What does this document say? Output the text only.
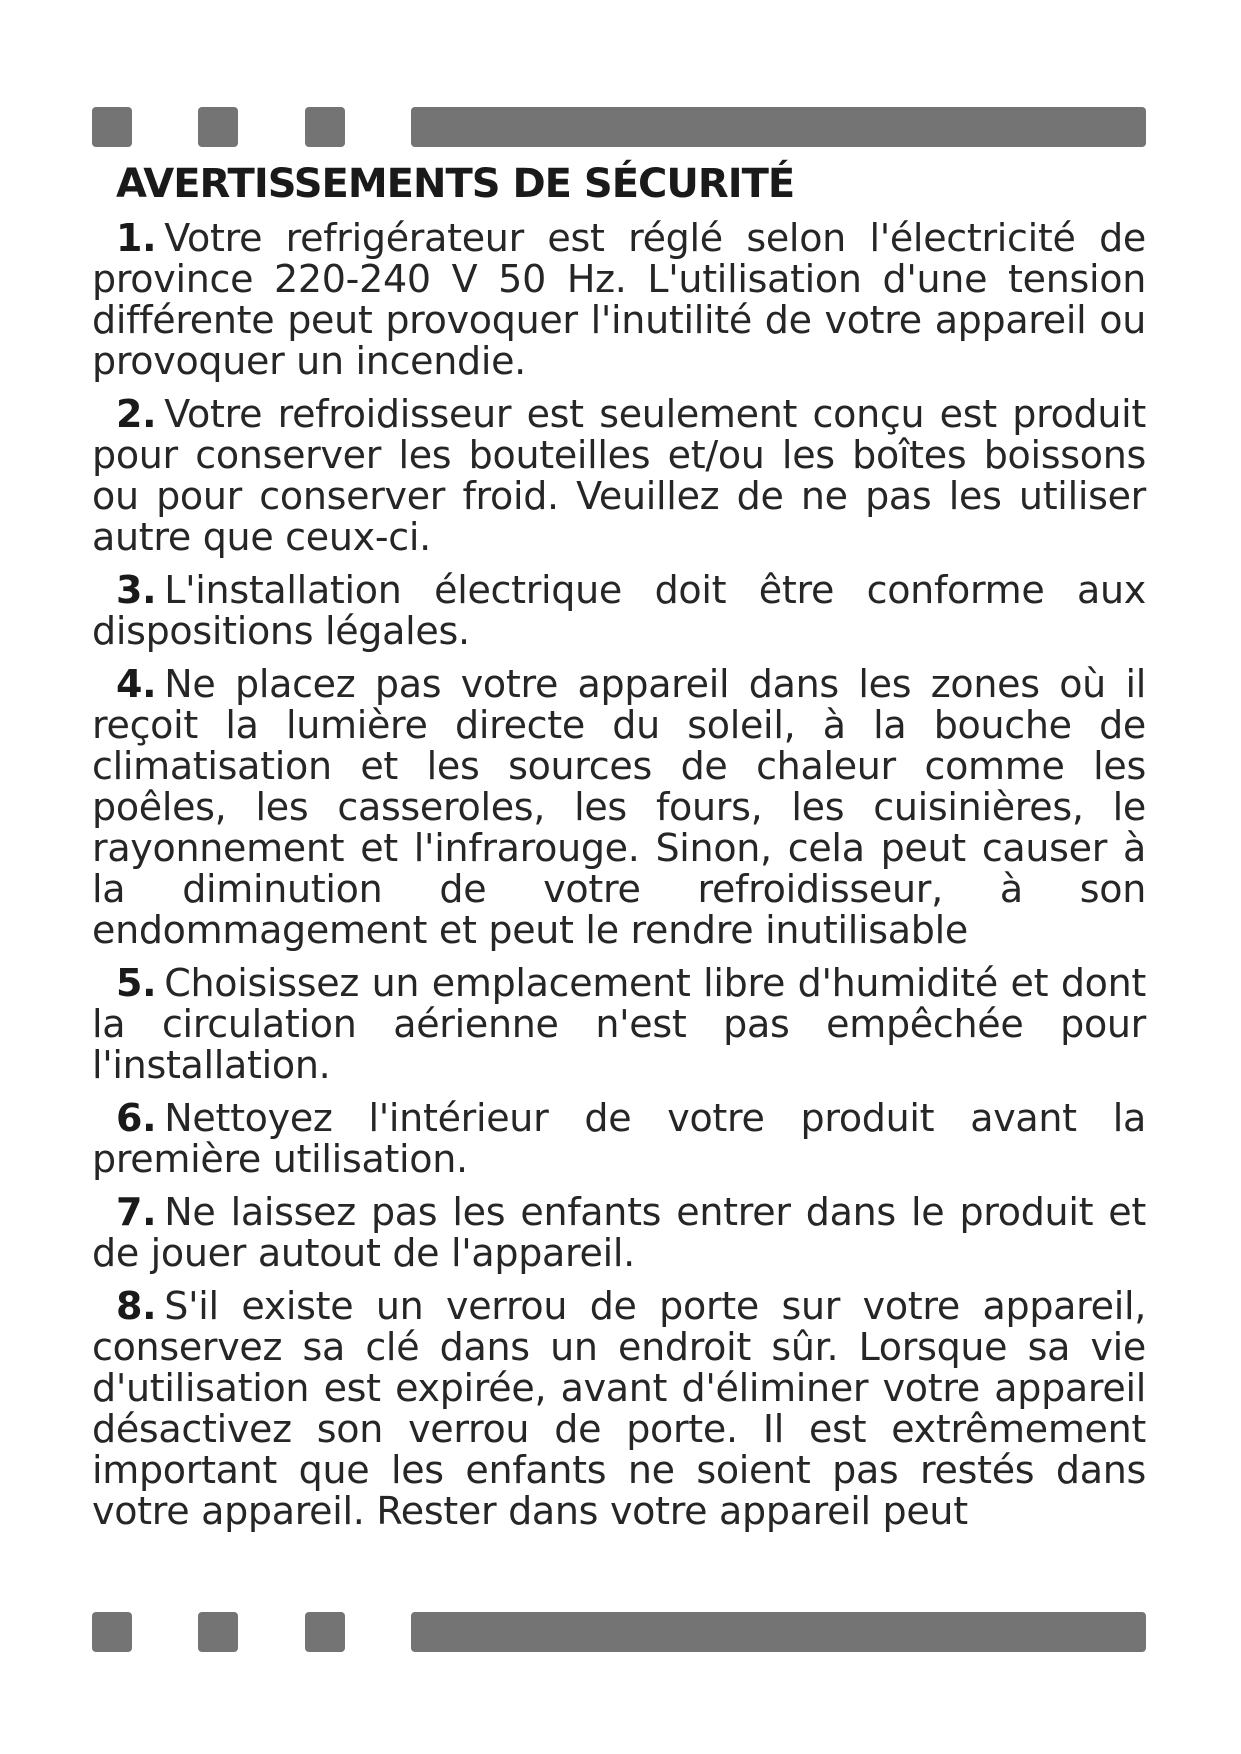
AVERTISSEMENTS DE SÉCURITÉ

1. Votre refrigérateur est réglé selon l'électricité de province 220-240 V 50 Hz. L'utilisation d'une tension différente peut provoquer l'inutilité de votre appareil ou provoquer un incendie.

2. Votre refroidisseur est seulement conçu est produit pour conserver les bouteilles et/ou les boîtes boissons ou pour conserver froid. Veuillez de ne pas les utiliser autre que ceux-ci.

3. L'installation électrique doit être conforme aux dispositions légales.

4. Ne placez pas votre appareil dans les zones où il reçoit la lumière directe du soleil, à la bouche de climatisation et les sources de chaleur comme les poêles, les casseroles, les fours, les cuisinières, le rayonnement et l'infrarouge. Sinon, cela peut causer à la diminution de votre refroidisseur, à son endommagement et peut le rendre inutilisable

5. Choisissez un emplacement libre d'humidité et dont la circulation aérienne n'est pas empêchée pour l'installation.

6. Nettoyez l'intérieur de votre produit avant la première utilisation.

7. Ne laissez pas les enfants entrer dans le produit et de jouer autout de l'appareil.

8. S'il existe un verrou de porte sur votre appareil, conservez sa clé dans un endroit sûr. Lorsque sa vie d'utilisation est expirée, avant d'éliminer votre appareil désactivez son verrou de porte. Il est extrêmement important que les enfants ne soient pas restés dans votre appareil. Rester dans votre appareil peut
